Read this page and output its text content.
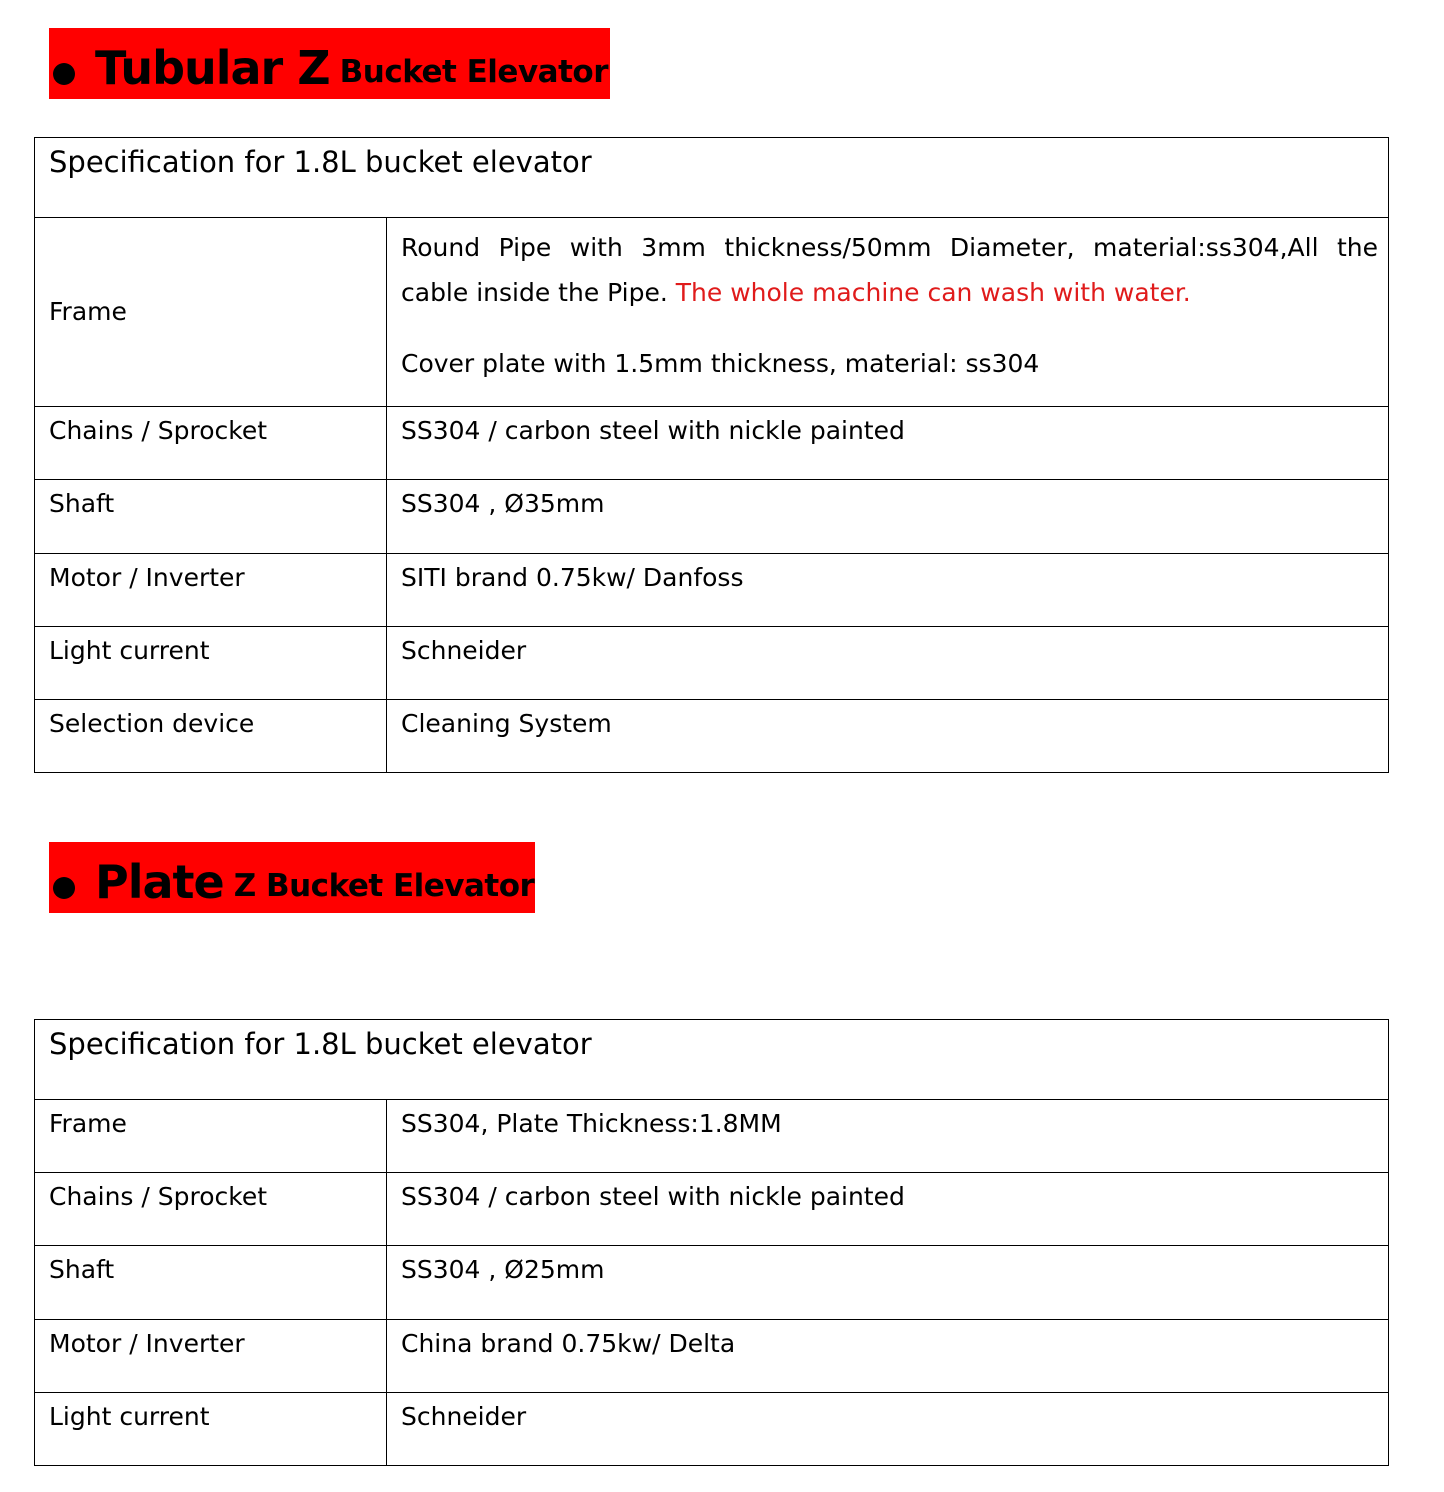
Tubular Z Bucket Elevator
Specification for 1.8L bucket elevator	
Frame	Round Pipe with 3mm thickness/50mm Diameter, material:ss304,All the cable inside the Pipe. The whole machine can wash with water.

Cover plate with 1.5mm thickness, material: ss304

Chains / Sprocket	SS304 / carbon steel with nickle painted
Shaft	SS304 , Ø35mm
Motor / Inverter	SITI brand 0.75kw/ Danfoss
Light current	Schneider
Selection device	Cleaning System
Plate Z Bucket Elevator
Specification for 1.8L bucket elevator	
Frame	SS304, Plate Thickness:1.8MM
Chains / Sprocket	SS304 / carbon steel with nickle painted
Shaft	SS304 , Ø25mm
Motor / Inverter	China brand 0.75kw/ Delta
Light current	Schneider
